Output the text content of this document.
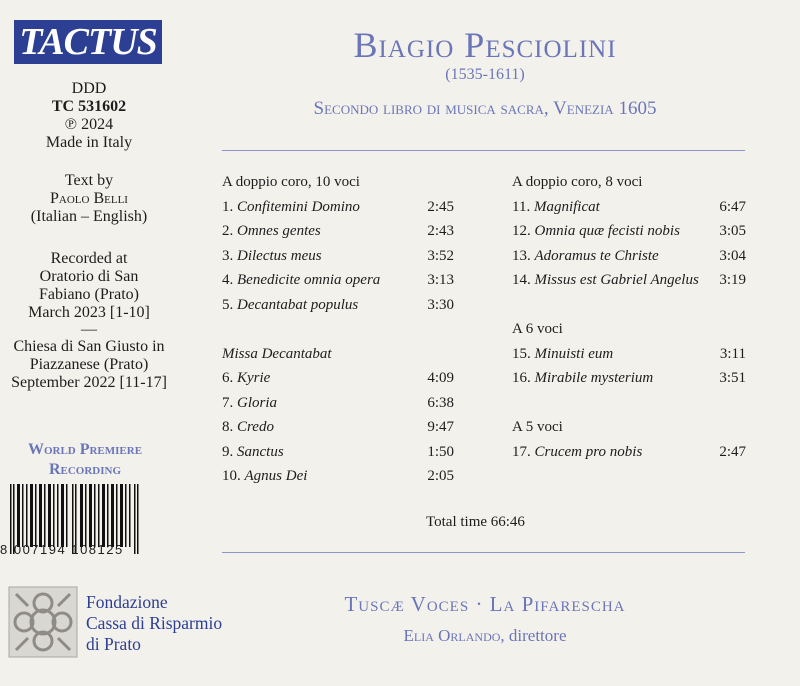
TACTUS
DDD
TC 531602
℗ 2024
Made in Italy
Text by
Paolo Belli
(Italian – English)
Recorded at
Oratorio di San
Fabiano (Prato)
March 2023 [1-10]
—
Chiesa di San Giusto in
Piazzanese (Prato)
September 2022 [11-17]
World Premiere
Recording
8 007194 108125
Biagio Pesciolini
(1535-1611)
Secondo libro di musica sacra, Venezia 1605
A doppio coro, 10 voci
1. Confitemini Domino	2:45
2. Omnes gentes	2:43
3. Dilectus meus	3:52
4. Benedicite omnia opera	3:13
5. Decantabat populus	3:30
Missa Decantabat
6. Kyrie	4:09
7. Gloria	6:38
8. Credo	9:47
9. Sanctus	1:50
10. Agnus Dei	2:05
A doppio coro, 8 voci
11. Magnificat	6:47
12. Omnia quæ fecisti nobis	3:05
13. Adoramus te Christe	3:04
14. Missus est Gabriel Angelus 3:19
A 6 voci
15. Minuisti eum	3:11
16. Mirabile mysterium	3:51
A 5 voci
17. Crucem pro nobis	2:47
Total time 66:46
Tuscæ Voces · La Pifarescha
Elia Orlando, direttore
Fondazione
Cassa di Risparmio
di Prato
